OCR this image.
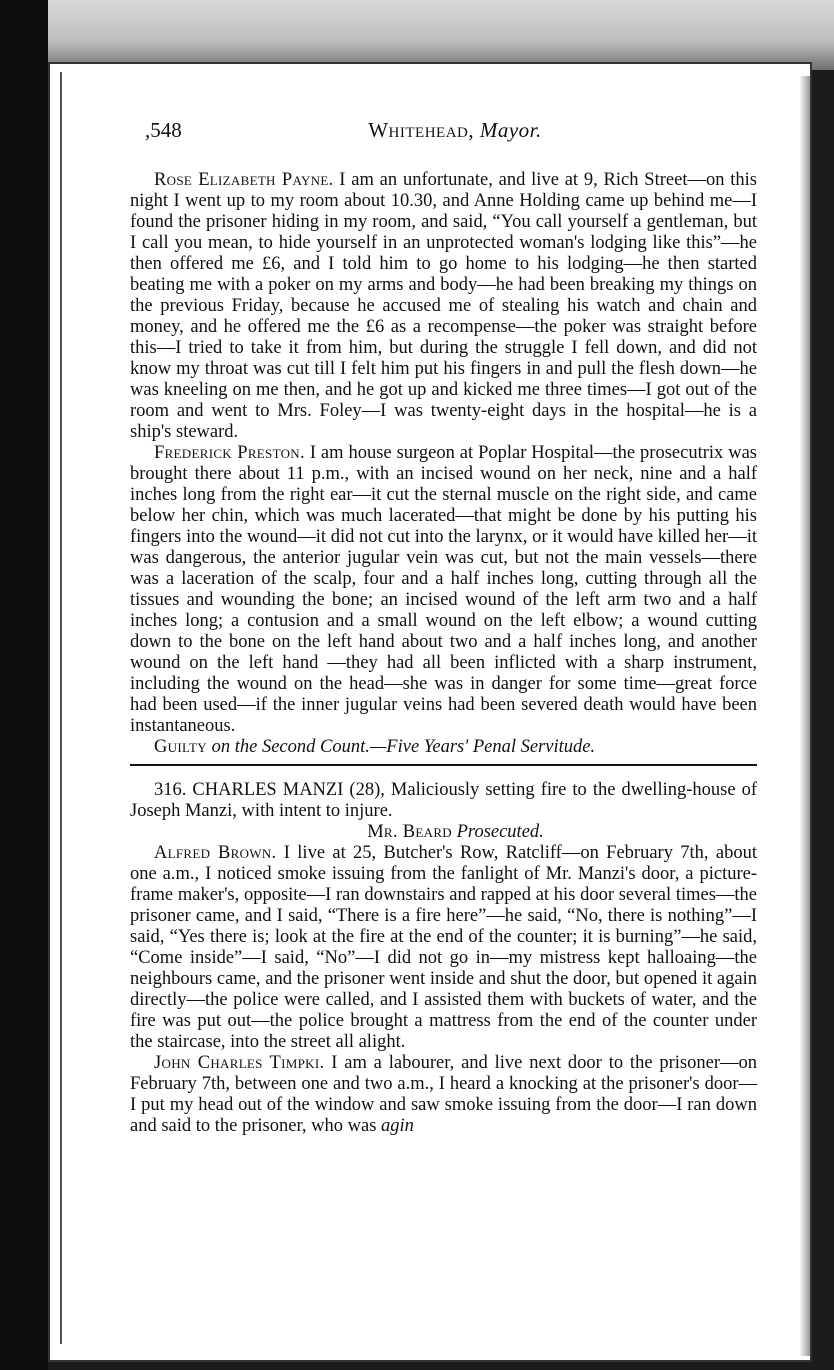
,548	Whitehead, Mayor.

Rose Elizabeth Payne. I am an unfortunate, and live at 9, Rich Street—on this night I went up to my room about 10.30, and Anne Holding came up behind me—I found the prisoner hiding in my room, and said, “You call yourself a gentleman, but I call you mean, to hide yourself in an unprotected woman's lodging like this”—he then offered me £6, and I told him to go home to his lodging—he then started beating me with a poker on my arms and body—he had been breaking my things on the previous Friday, because he accused me of stealing his watch and chain and money, and he offered me the £6 as a recompense—the poker was straight before this—I tried to take it from him, but during the struggle I fell down, and did not know my throat was cut till I felt him put his fingers in and pull the flesh down—he was kneeling on me then, and he got up and kicked me three times—I got out of the room and went to Mrs. Foley—I was twenty-eight days in the hospital—he is a ship's steward.

Frederick Preston. I am house surgeon at Poplar Hospital—the prosecutrix was brought there about 11 p.m., with an incised wound on her neck, nine and a half inches long from the right ear—it cut the sternal muscle on the right side, and came below her chin, which was much lacerated—that might be done by his putting his fingers into the wound—it did not cut into the larynx, or it would have killed her—it was dangerous, the anterior jugular vein was cut, but not the main vessels—there was a laceration of the scalp, four and a half inches long, cutting through all the tissues and wounding the bone; an incised wound of the left arm two and a half inches long; a contusion and a small wound on the left elbow; a wound cutting down to the bone on the left hand about two and a half inches long, and another wound on the left hand —they had all been inflicted with a sharp instrument, including the wound on the head—she was in danger for some time—great force had been used—if the inner jugular veins had been severed death would have been instantaneous.

Guilty on the Second Count.—Five Years' Penal Servitude.

316. CHARLES MANZI (28), Maliciously setting fire to the dwelling-house of Joseph Manzi, with intent to injure.

Mr. Beard Prosecuted.

Alfred Brown. I live at 25, Butcher's Row, Ratcliff—on February 7th, about one a.m., I noticed smoke issuing from the fanlight of Mr. Manzi's door, a picture-frame maker's, opposite—I ran downstairs and rapped at his door several times—the prisoner came, and I said, “There is a fire here”—he said, “No, there is nothing”—I said, “Yes there is; look at the fire at the end of the counter; it is burning”—he said, “Come inside”—I said, “No”—I did not go in—my mistress kept halloaing—the neighbours came, and the prisoner went inside and shut the door, but opened it again directly—the police were called, and I assisted them with buckets of water, and the fire was put out—the police brought a mattress from the end of the counter under the staircase, into the street all alight.

John Charles Timpki. I am a labourer, and live next door to the prisoner—on February 7th, between one and two a.m., I heard a knocking at the prisoner's door—I put my head out of the window and saw smoke issuing from the door—I ran down and said to the prisoner, who was agin
